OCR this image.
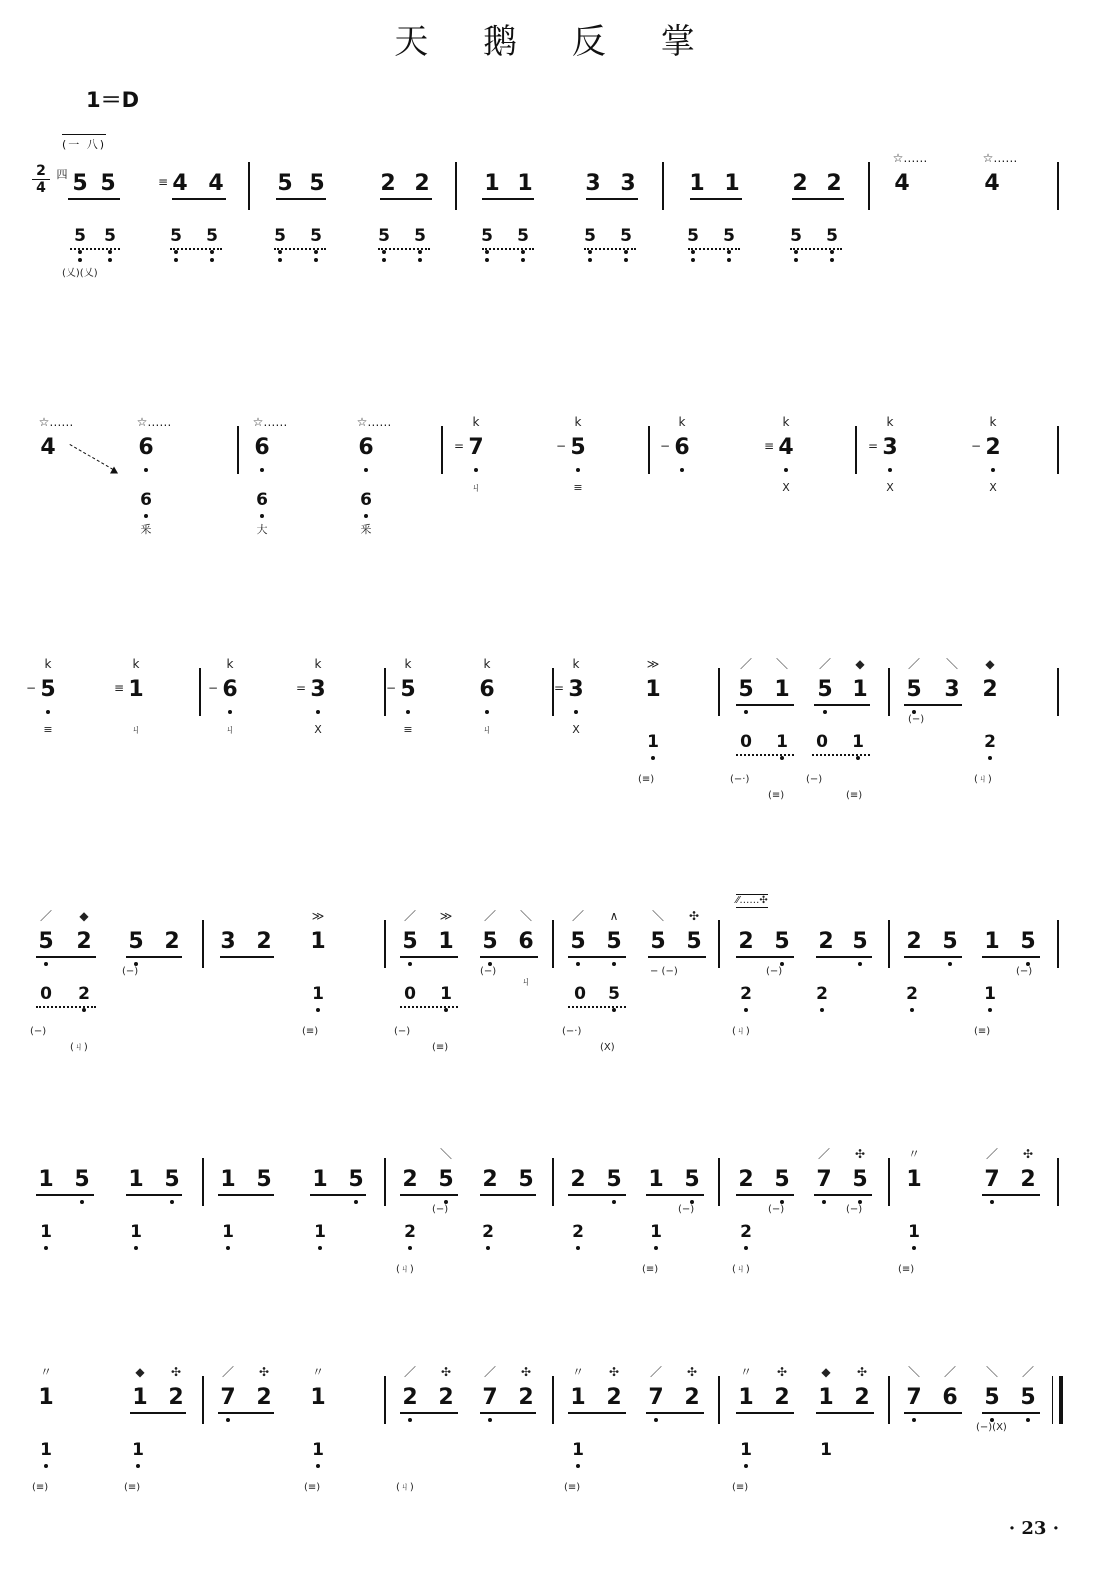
天 鹅 反 掌
1＝D
2
4
四
(一 八)
5 5	4
≡ 4 5 5	2 2 1 1 3 3 1 1 2 2 4
☆……
4
☆……
5	5	5	5	5	5	5	5	5	5	5	5	5	5	5	5
(乂)(乂)
4
☆……
6
☆……
6
☆……
6
☆……
7
=
k
ㄐ
5
−
k
≡
6
−
k
4
≡
k
X
3
=
k
X
2
−
k
X
6
釆
6
大
6
釆
5
−
k
≡
1
≡
k
ㄐ
6
−
k
ㄐ
3
=
k
X
5
−
k
≡
6
k
ㄐ
3
=
k
X
1
≫
5
／
1
＼
5
／
1
◆
5
／
3
＼
2
◆
1	0	1	0	1	2
(−)
(≡)	(−·)
(≡)
(−)
(≡)
(ㄐ)
5
／
2
◆
5 2 3 2 1
≫
5
／
1
≫
5
／
6
＼
ㄐ
5
／
5
∧
5
＼
5
✣
2 5 2 5 2 5 1 5
0	2	1	0	1	0	5	2	2	2	1
(−)	(−)	− (−)	(−)	(−)
(−)
(ㄐ)
(≡)	(−)
(≡)
(−·)
(X)
(ㄐ)	(≡)
⁄⁄……✣
1 5 1 5 1 5 1 5 2 5
＼
2 5 2 5 1 5 2 5 7
／
5
✣
1
〃
7
／
2
✣
1	1	1	1	2	2	2	1	2	1
(−)	(−)	(−)	(−)
(ㄐ)	(≡)	(ㄐ)	(≡)
1
〃
1
◆
2
✣
7
／
2
✣
1
〃
2
／
2
✣
7
／
2
✣
1
〃
2
✣
7
／
2
✣
1
〃
2
✣
1
◆
2
✣
7
＼
6
／
5
＼
5
／
1	1	1	1	1	1
(−)(X)
(ㄐ)
(≡)	(≡)	(≡)	(≡)	(≡)
· 23 ·
